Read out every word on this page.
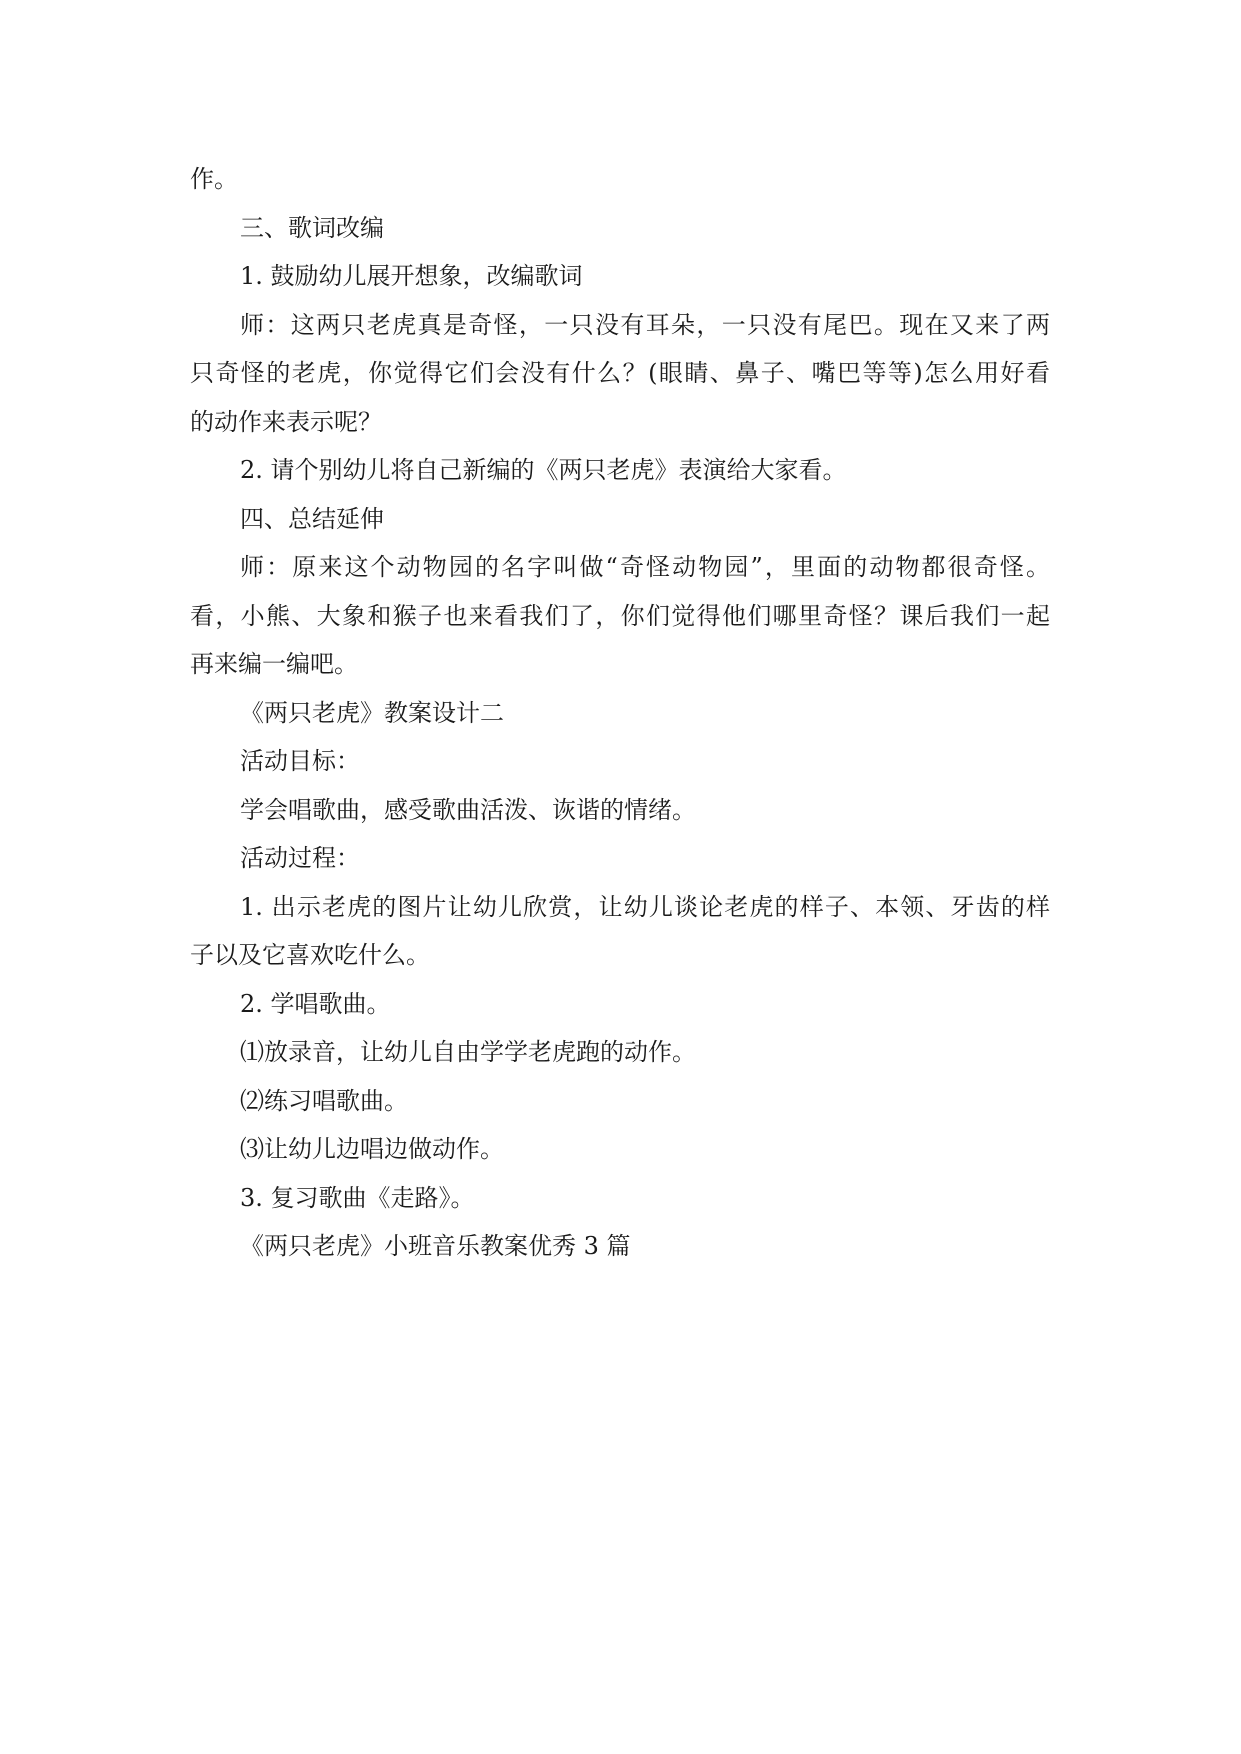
作。
三、歌词改编
1. 鼓励幼儿展开想象，改编歌词
师：这两只老虎真是奇怪，一只没有耳朵，一只没有尾巴。现在又来了两
只奇怪的老虎，你觉得它们会没有什么？(眼睛、鼻子、嘴巴等等)怎么用好看
的动作来表示呢？
2. 请个别幼儿将自己新编的《两只老虎》表演给大家看。
四、总结延伸
师：原来这个动物园的名字叫做“奇怪动物园”，里面的动物都很奇怪。
看，小熊、大象和猴子也来看我们了，你们觉得他们哪里奇怪？课后我们一起
再来编一编吧。
《两只老虎》教案设计二
活动目标：
学会唱歌曲，感受歌曲活泼、诙谐的情绪。
活动过程：
1. 出示老虎的图片让幼儿欣赏，让幼儿谈论老虎的样子、本领、牙齿的样
子以及它喜欢吃什么。
2. 学唱歌曲。
⑴放录音，让幼儿自由学学老虎跑的动作。
⑵练习唱歌曲。
⑶让幼儿边唱边做动作。
3. 复习歌曲《走路》。
《两只老虎》小班音乐教案优秀 3 篇
